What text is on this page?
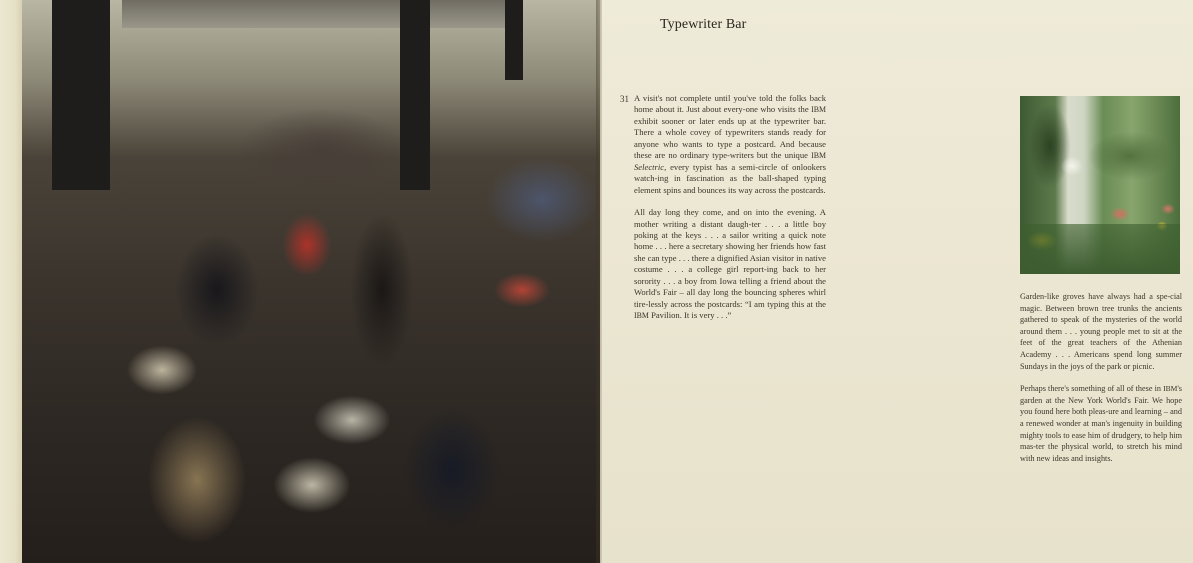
Typewriter Bar
31 A visit's not complete until you've told the folks back home about it. Just about every-one who visits the IBM exhibit sooner or later ends up at the typewriter bar. There a whole covey of typewriters stands ready for anyone who wants to type a postcard. And because these are no ordinary type-writers but the unique IBM Selectric, every typist has a semi-circle of onlookers watch-ing in fascination as the ball-shaped typing element spins and bounces its way across the postcards.

All day long they come, and on into the evening. A mother writing a distant daugh-ter . . . a little boy poking at the keys . . . a sailor writing a quick note home . . . here a secretary showing her friends how fast she can type . . . there a dignified Asian visitor in native costume . . . a college girl report-ing back to her sorority . . . a boy from Iowa telling a friend about the World's Fair – all day long the bouncing spheres whirl tire-lessly across the postcards: “I am typing this at the IBM Pavilion. It is very . . .”

Garden-like groves have always had a spe-cial magic. Between brown tree trunks the ancients gathered to speak of the mysteries of the world around them . . . young people met to sit at the feet of the great teachers of the Athenian Academy . . . Americans spend long summer Sundays in the joys of the park or picnic.

Perhaps there's something of all of these in IBM's garden at the New York World's Fair. We hope you found here both pleas-ure and learning – and a renewed wonder at man's ingenuity in building mighty tools to ease him of drudgery, to help him mas-ter the physical world, to stretch his mind with new ideas and insights.
